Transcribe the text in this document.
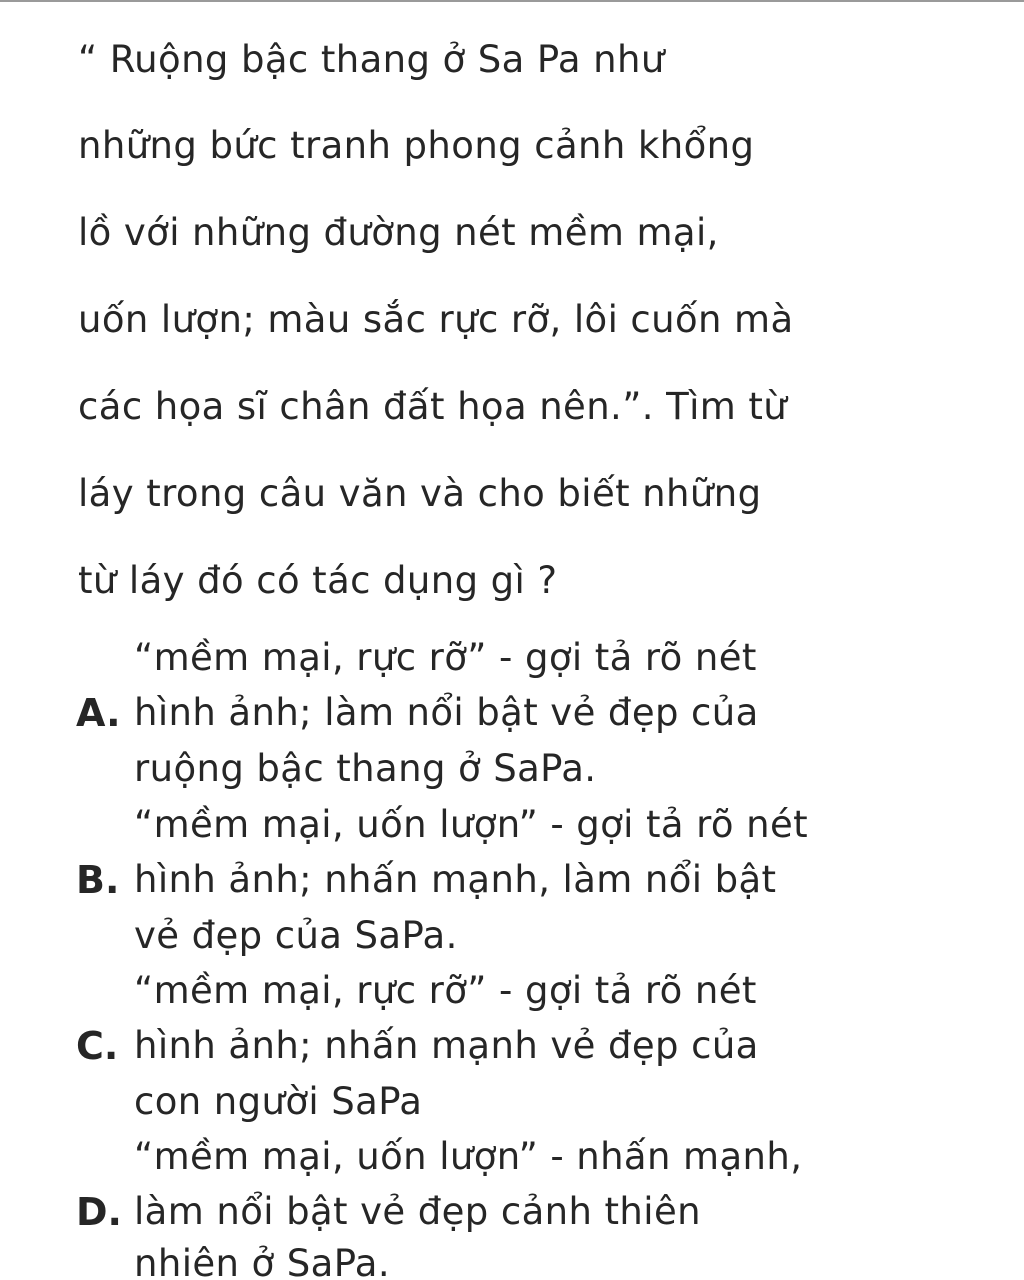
“ Ruộng bậc thang ở Sa Pa như
những bức tranh phong cảnh khổng
lồ với những đường nét mềm mại,
uốn lượn; màu sắc rực rỡ, lôi cuốn mà
các họa sĩ chân đất họa nên.”. Tìm từ
láy trong câu văn và cho biết những
từ láy đó có tác dụng gì ?
A.
“mềm mại, rực rỡ” - gợi tả rõ nét
hình ảnh; làm nổi bật vẻ đẹp của
ruộng bậc thang ở SaPa.
B.
“mềm mại, uốn lượn” - gợi tả rõ nét
hình ảnh; nhấn mạnh, làm nổi bật
vẻ đẹp của SaPa.
C.
“mềm mại, rực rỡ” - gợi tả rõ nét
hình ảnh; nhấn mạnh vẻ đẹp của
con người SaPa
D.
“mềm mại, uốn lượn” - nhấn mạnh,
làm nổi bật vẻ đẹp cảnh thiên
nhiên ở SaPa.
